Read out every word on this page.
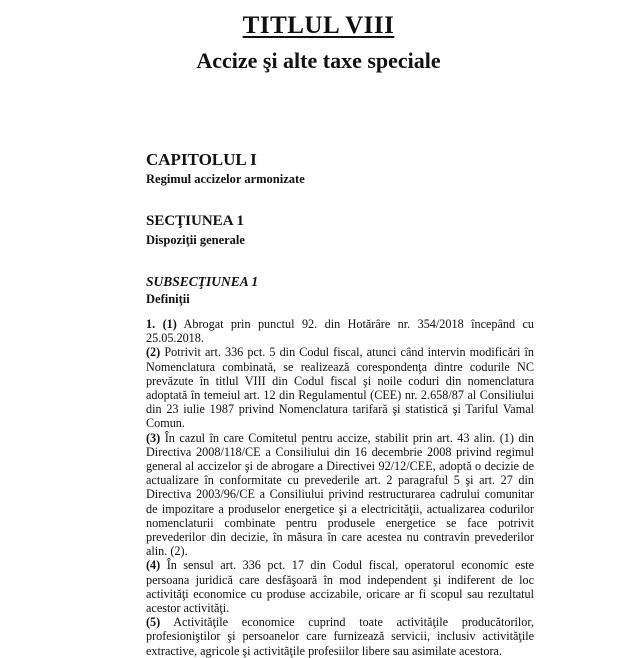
TITLUL VIII
Accize şi alte taxe speciale
CAPITOLUL I
Regimul accizelor armonizate
SECŢIUNEA 1
Dispoziţii generale
SUBSECŢIUNEA 1
Definiţii

1. (1) Abrogat prin punctul 92. din Hotărâre nr. 354/2018 începând cu 25.05.2018.

(2) Potrivit art. 336 pct. 5 din Codul fiscal, atunci când intervin modificări în Nomenclatura combinată, se realizează corespondenţa dintre codurile NC prevăzute în titlul VIII din Codul fiscal şi noile coduri din nomenclatura adoptată în temeiul art. 12 din Regulamentul (CEE) nr. 2.658/87 al Consiliului din 23 iulie 1987 privind Nomenclatura tarifară şi statistică şi Tariful Vamal Comun.

(3) În cazul în care Comitetul pentru accize, stabilit prin art. 43 alin. (1) din Directiva 2008/118/CE a Consiliului din 16 decembrie 2008 privind regimul general al accizelor şi de abrogare a Directivei 92/12/CEE, adoptă o decizie de actualizare în conformitate cu prevederile art. 2 paragraful 5 şi art. 27 din Directiva 2003/96/CE a Consiliului privind restructurarea cadrului comunitar de impozitare a produselor energetice şi a electricităţii, actualizarea codurilor nomenclaturii combinate pentru produsele energetice se face potrivit prevederilor din decizie, în măsura în care acestea nu contravin prevederilor alin. (2).

(4) În sensul art. 336 pct. 17 din Codul fiscal, operatorul economic este persoana juridică care desfăşoară în mod independent şi indiferent de loc activităţi economice cu produse accizabile, oricare ar fi scopul sau rezultatul acestor activităţi.

(5) Activităţile economice cuprind toate activităţile producătorilor, profesioniştilor şi persoanelor care furnizează servicii, inclusiv activităţile extractive, agricole şi activităţile profesiilor libere sau asimilate acestora.
